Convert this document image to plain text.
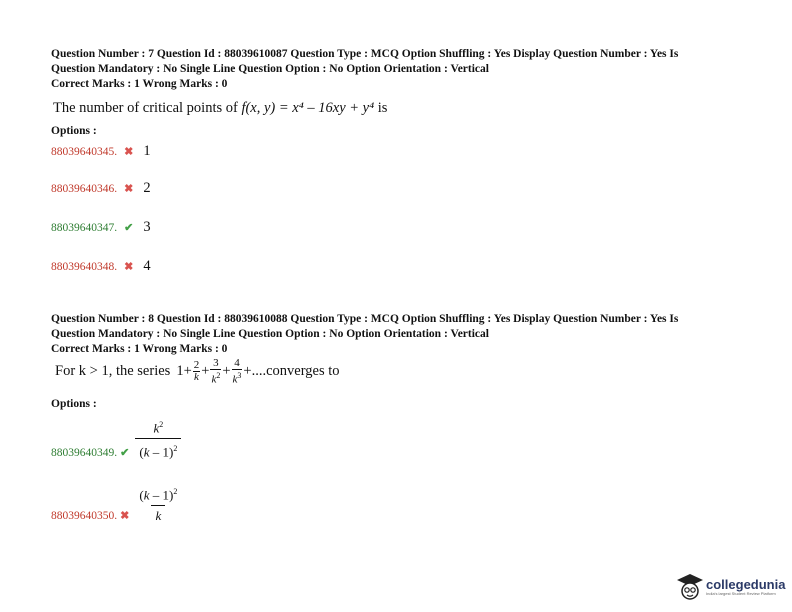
Question Number : 7 Question Id : 88039610087 Question Type : MCQ Option Shuffling : Yes Display Question Number : Yes Is
Question Mandatory : No Single Line Question Option : No Option Orientation : Vertical
Correct Marks : 1 Wrong Marks : 0
The number of critical points of f(x, y) = x⁴ – 16xy + y⁴ is
Options :
88039640345. ✖ 1
88039640346. ✖ 2
88039640347. ✔ 3
88039640348. ✖ 4
Question Number : 8 Question Id : 88039610088 Question Type : MCQ Option Shuffling : Yes Display Question Number : Yes Is
Question Mandatory : No Single Line Question Option : No Option Orientation : Vertical
Correct Marks : 1 Wrong Marks : 0
For k > 1, the series $1+ \frac{2}{k} + \frac{3}{k^2} + \frac{4}{k^3}$ +....converges to
Options :
88039640349. ✔ $\frac{k^2}{(k - 1)^2}$
88039640350. ✖ $\frac{(k - 1)^2}{k}$
collegedunia
India's largest Student Review Platform
